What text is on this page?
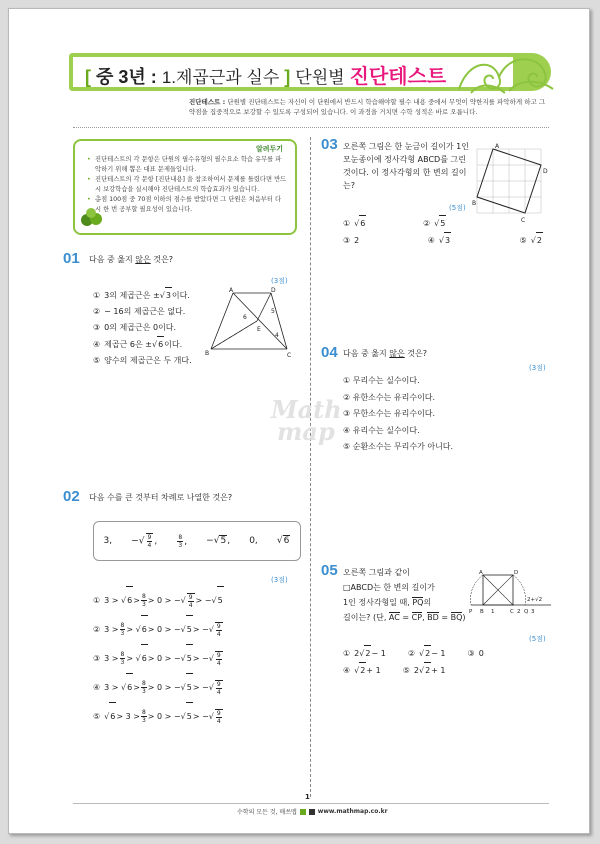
[ 중 3년 : 1.제곱근과 실수 ] 단원별 진단테스트
진단테스트 : 단원별 진단테스트는 자신이 이 단원에서 반드시 학습해야할 필수 내용 중에서 무엇이 약한지를 파악하게 하고 그 약점을 집중적으로 보강할 수 있도록 구성되어 있습니다. 이 과정을 거치면 수학 성적은 바로 오릅니다.
알려두기
• 진단테스트의 각 문항은 단원의 필수유형의 필수요소 학습 유무를 파악하기 위해 뽑은 대표 문제들입니다.
• 진단테스트의 각 문항 [진단내용] 을 참조하여서 문제를 틀렸다면 반드시 보강학습을 실시해야 진단테스트의 학습효과가 있습니다.
• 총점 100점 중 70점 이하의 점수를 받았다면 그 단원은 처음부터 다시 한 번 공부할 필요성이 있습니다.
01 다음 중 옳지 않은 것은?
(3점)
① 3의 제곱근은 ± √ 3 이다.
② − 16의 제곱근은 없다.
③ 0의 제곱근은 0이다.
④ 제곱근 6은 ± √ 6 이다.
⑤ 양수의 제곱근은 두 개다.
A	D
B	C
E
6
5
4
02 다음 수를 큰 것부터 차례로 나열한 것은?
3, −√ $\frac{9}{4}$ ,	$\frac{8}{3}$ , −√5, 0, √6
(3점)
① 3 > √ $6 > \frac{8}{3} > 0$ > −√ $\frac{9}{4}$ > −√ 5
② $3 > \frac{8}{3}$ > √ 6 > 0 > −√ 5 > −√ $\frac{9}{4}$
③ $3 > \frac{8}{3}$ > √ 6 > 0 > −√ 5 > −√ $\frac{9}{4}$
④ 3 > √ $6 > \frac{8}{3} > 0$ > −√ 5 > −√ $\frac{9}{4}$
⑤ √ $6 > 3 > \frac{8}{3} > 0$ > −√ 5 > −√ $\frac{9}{4}$
03 오른쪽 그림은 한 눈금이 길이가 1인 모눈종이에 정사각형 ABCD를 그린 것이다. 이 정사각형의 한 변의 길이는?
(5점)
A
D
B
C
① √ 6	② √ 5
③ 2	④ √ 3	⑤ √ 2
04 다음 중 옳지 않은 것은?
(3점)
① 무리수는 실수이다.
② 유한소수는 유리수이다.
③ 무한소수는 유리수이다.
④ 유리수는 실수이다.
⑤ 순환소수는 무리수가 아니다.
Math
map
05 오른쪽 그림과 같이
□ABCD는 한 변의 길이가
1인 정사각형일 때, PQ의
길이는? (단, AC = CP, BD = BQ)
A	D
P B 1	C 2 Q 3
2+√2
(5점)
① 2 √ 2 − 1	② √ 2 − 1	③ 0
④ √ 2 + 1	⑤ 2 √ 2 + 1
1
수학의 모든 것, 매쓰맵	www.mathmap.co.kr
